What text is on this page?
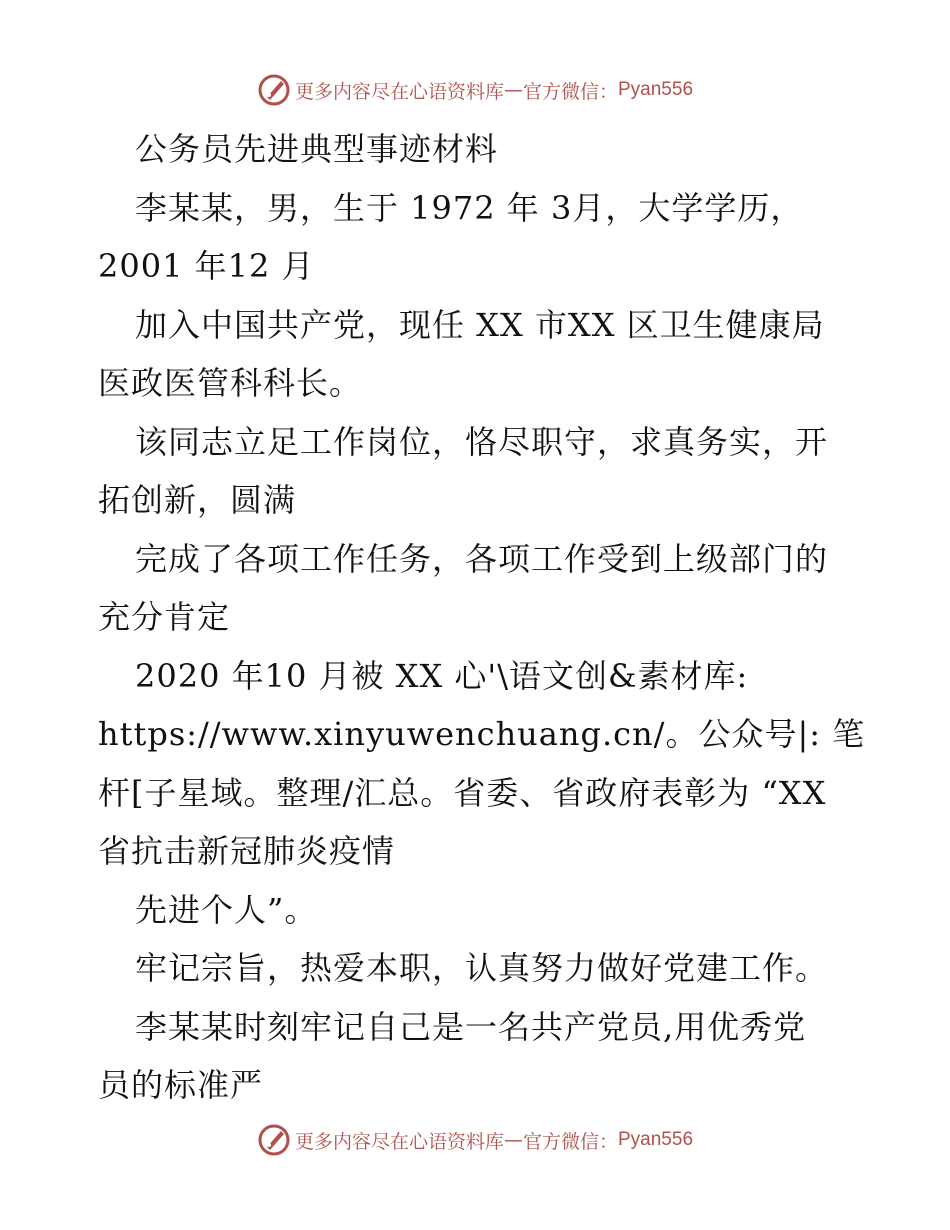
更多内容尽在心语资料库 — 官方微信： Pyan556
公务员先进典型事迹材料
李某某，男，生于 1972 年 3月，大学学历，
2001 年12 月
加入中国共产党，现任 XX 市XX 区卫生健康局
医政医管科科长。
该同志立足工作岗位，恪尽职守，求真务实，开
拓创新，圆满
完成了各项工作任务，各项工作受到上级部门的
充分肯定
2020 年10 月被 XX 心'\语文创&素材库:
https://www.xinyuwenchuang.cn/。公众号|: 笔
杆[子星域。整理/汇总。省委、省政府表彰为 “XX
省抗击新冠肺炎疫情
先进个人”。
牢记宗旨，热爱本职，认真努力做好党建工作。
李某某时刻牢记自己是一名共产党员,用优秀党
员的标准严
更多内容尽在心语资料库 — 官方微信： Pyan556
